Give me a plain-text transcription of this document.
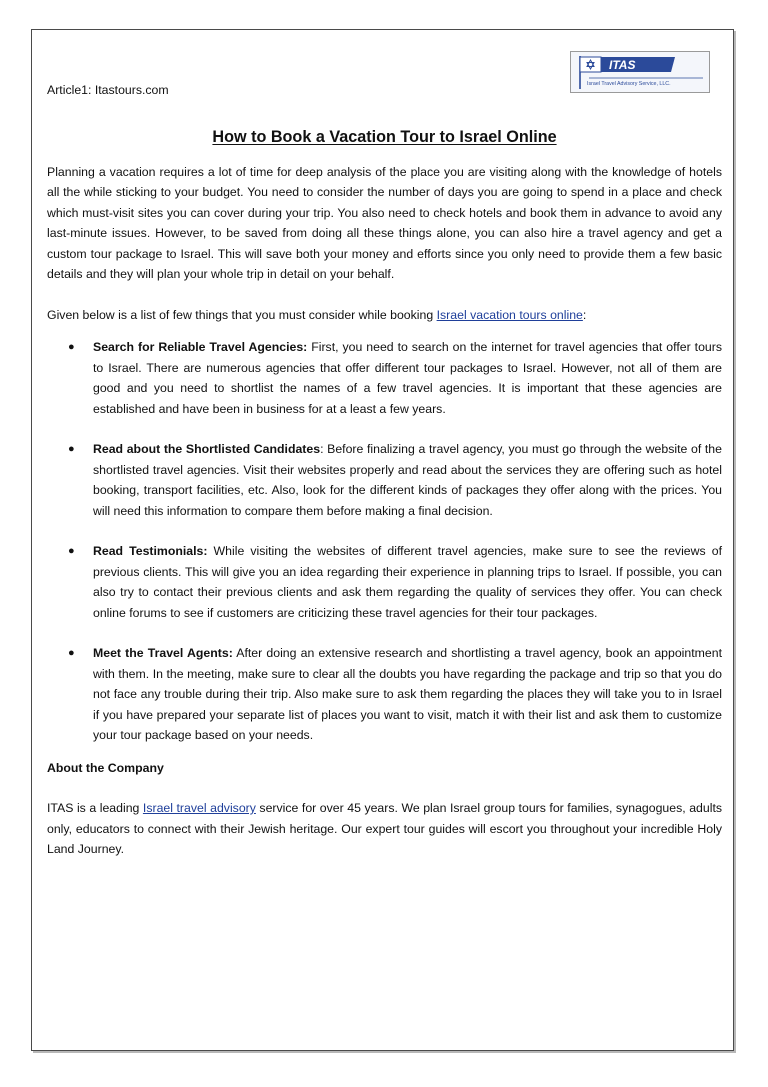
ITAS
Israel Travel Advisory Service, LLC.

Article1: Itastours.com

How to Book a Vacation Tour to Israel Online

Planning a vacation requires a lot of time for deep analysis of the place you are visiting along with the knowledge of hotels all the while sticking to your budget. You need to consider the number of days you are going to spend in a place and check which must-visit sites you can cover during your trip. You also need to check hotels and book them in advance to avoid any last-minute issues. However, to be saved from doing all these things alone, you can also hire a travel agency and get a custom tour package to Israel. This will save both your money and efforts since you only need to provide them a few basic details and they will plan your whole trip in detail on your behalf.

Given below is a list of few things that you must consider while booking Israel vacation tours online:

● Search for Reliable Travel Agencies: First, you need to search on the internet for travel agencies that offer tours to Israel. There are numerous agencies that offer different tour packages to Israel. However, not all of them are good and you need to shortlist the names of a few travel agencies. It is important that these agencies are established and have been in business for at a least a few years.
● Read about the Shortlisted Candidates: Before finalizing a travel agency, you must go through the website of the shortlisted travel agencies. Visit their websites properly and read about the services they are offering such as hotel booking, transport facilities, etc. Also, look for the different kinds of packages they offer along with the prices. You will need this information to compare them before making a final decision.
● Read Testimonials: While visiting the websites of different travel agencies, make sure to see the reviews of previous clients. This will give you an idea regarding their experience in planning trips to Israel. If possible, you can also try to contact their previous clients and ask them regarding the quality of services they offer. You can check online forums to see if customers are criticizing these travel agencies for their tour packages.
● Meet the Travel Agents: After doing an extensive research and shortlisting a travel agency, book an appointment with them. In the meeting, make sure to clear all the doubts you have regarding the package and trip so that you do not face any trouble during their trip. Also make sure to ask them regarding the places they will take you to in Israel if you have prepared your separate list of places you want to visit, match it with their list and ask them to customize your tour package based on your needs.

About the Company

ITAS is a leading Israel travel advisory service for over 45 years. We plan Israel group tours for families, synagogues, adults only, educators to connect with their Jewish heritage. Our expert tour guides will escort you throughout your incredible Holy Land Journey.
